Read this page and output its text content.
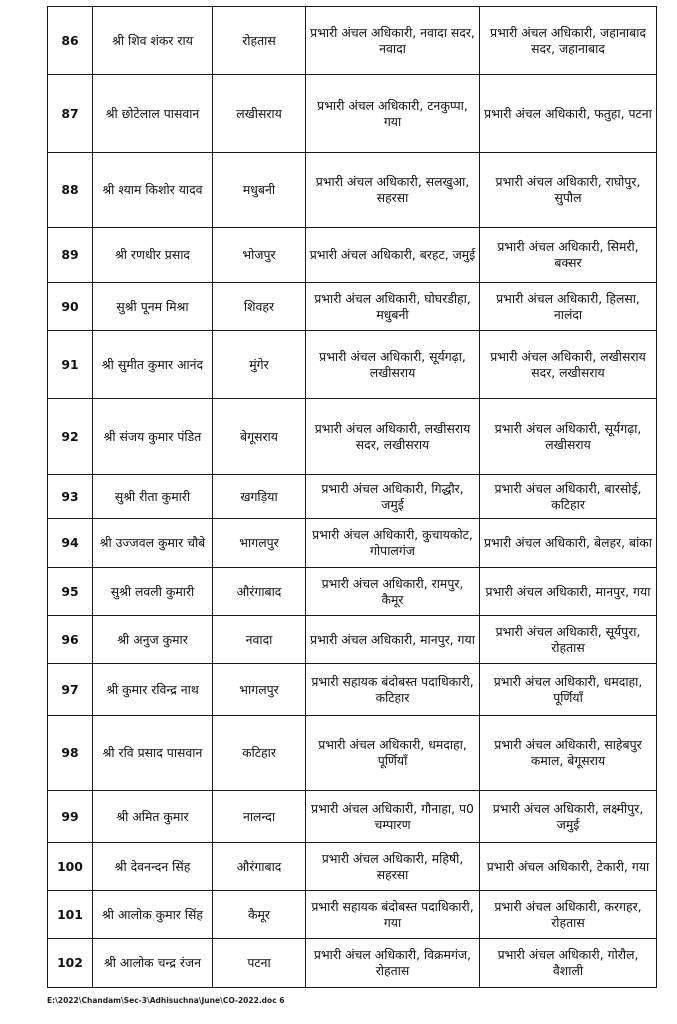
86	श्री शिव शंकर राय	रोहतास	प्रभारी अंचल अधिकारी, नवादा सदर, नवादा	प्रभारी अंचल अधिकारी, जहानाबाद सदर, जहानाबाद
87	श्री छोटेलाल पासवान	लखीसराय	प्रभारी अंचल अधिकारी, टनकुप्पा, गया	प्रभारी अंचल अधिकारी, फतुहा, पटना
88	श्री श्याम किशोर यादव	मधुबनी	प्रभारी अंचल अधिकारी, सलखुआ, सहरसा	प्रभारी अंचल अधिकारी, राघोपुर, सुपौल
89	श्री रणधीर प्रसाद	भोजपुर	प्रभारी अंचल अधिकारी, बरहट, जमुई	प्रभारी अंचल अधिकारी, सिमरी, बक्सर
90	सुश्री पूनम मिश्रा	शिवहर	प्रभारी अंचल अधिकारी, घोघरडीहा, मधुबनी	प्रभारी अंचल अधिकारी, हिलसा, नालंदा
91	श्री सुमीत कुमार आनंद	मुंगेर	प्रभारी अंचल अधिकारी, सूर्यगढ़ा, लखीसराय	प्रभारी अंचल अधिकारी, लखीसराय सदर, लखीसराय
92	श्री संजय कुमार पंडित	बेगूसराय	प्रभारी अंचल अधिकारी, लखीसराय सदर, लखीसराय	प्रभारी अंचल अधिकारी, सूर्यगढ़ा, लखीसराय
93	सुश्री रीता कुमारी	खगड़िया	प्रभारी अंचल अधिकारी, गिद्धौर, जमुई	प्रभारी अंचल अधिकारी, बारसोई, कटिहार
94	श्री उज्जवल कुमार चौबे	भागलपुर	प्रभारी अंचल अधिकारी, कुचायकोट, गोपालगंज	प्रभारी अंचल अधिकारी, बेलहर, बांका
95	सुश्री लवली कुमारी	औरंगाबाद	प्रभारी अंचल अधिकारी, रामपुर, कैमूर	प्रभारी अंचल अधिकारी, मानपुर, गया
96	श्री अनुज कुमार	नवादा	प्रभारी अंचल अधिकारी, मानपुर, गया	प्रभारी अंचल अधिकारी, सूर्यपुरा, रोहतास
97	श्री कुमार रविन्द्र नाथ	भागलपुर	प्रभारी सहायक बंदोबस्त पदाधिकारी, कटिहार	प्रभारी अंचल अधिकारी, धमदाहा, पूर्णियाँ
98	श्री रवि प्रसाद पासवान	कटिहार	प्रभारी अंचल अधिकारी, धमदाहा, पूर्णियाँ	प्रभारी अंचल अधिकारी, साहेबपुर कमाल, बेगूसराय
99	श्री अमित कुमार	नालन्दा	प्रभारी अंचल अधिकारी, गौनाहा, प0 चम्पारण	प्रभारी अंचल अधिकारी, लक्ष्मीपुर, जमुई
100	श्री देवनन्दन सिंह	औरंगाबाद	प्रभारी अंचल अधिकारी, महिषी, सहरसा	प्रभारी अंचल अधिकारी, टेकारी, गया
101	श्री आलोक कुमार सिंह	कैमूर	प्रभारी सहायक बंदोबस्त पदाधिकारी, गया	प्रभारी अंचल अधिकारी, करगहर, रोहतास
102	श्री आलोक चन्द्र रंजन	पटना	प्रभारी अंचल अधिकारी, विक्रमगंज, रोहतास	प्रभारी अंचल अधिकारी, गोरौल, वैशाली
E:\2022\Chandam\Sec-3\Adhisuchna\June\CO-2022.doc 6
